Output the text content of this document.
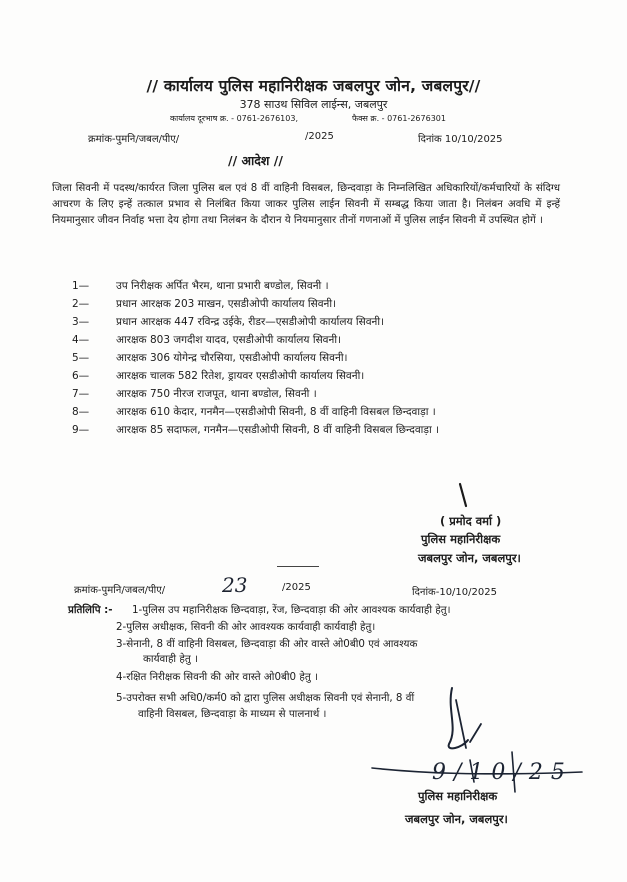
// कार्यालय पुलिस महानिरीक्षक जबलपुर जोन, जबलपुर//
378 साउथ सिविल लाईन्स, जबलपुर
कार्यालय दूरभाष क्र. - 0761-2676103,	फैक्स क्र. - 0761-2676301
क्रमांक-पुमनि/जबल/पीए/	/2025	दिनांक 10/10/2025
// आदेश //
जिला सिवनी में पदस्थ/कार्यरत जिला पुलिस बल एवं 8 वीं वाहिनी विसबल, छिन्दवाड़ा के निम्नलिखित अधिकारियों/कर्मचारियों के संदिग्ध आचरण के लिए इन्हें तत्काल प्रभाव से निलंबित किया जाकर पुलिस लाईन सिवनी में सम्बद्ध किया जाता है। निलंबन अवधि में इन्हें नियमानुसार जीवन निर्वाह भत्ता देय होगा तथा निलंबन के दौरान ये नियमानुसार तीनों गणनाओं में पुलिस लाईन सिवनी में उपस्थित होगें ।
1—	उप निरीक्षक अर्पित भैरम, थाना प्रभारी बण्डोल, सिवनी ।
2—	प्रधान आरक्षक 203 माखन, एसडीओपी कार्यालय सिवनी।
3—	प्रधान आरक्षक 447 रविन्द्र उईके, रीडर—एसडीओपी कार्यालय सिवनी।
4—	आरक्षक 803 जगदीश यादव, एसडीओपी कार्यालय सिवनी।
5—	आरक्षक 306 योगेन्द्र चौरसिया, एसडीओपी कार्यालय सिवनी।
6—	आरक्षक चालक 582 रितेश, ड्रायवर एसडीओपी कार्यालय सिवनी।
7—	आरक्षक 750 नीरज राजपूत, थाना बण्डोल, सिवनी ।
8—	आरक्षक 610 केदार, गनमैन—एसडीओपी सिवनी, 8 वीं वाहिनी विसबल छिन्दवाड़ा ।
9—	आरक्षक 85 सदाफल, गनमैन—एसडीओपी सिवनी, 8 वीं वाहिनी विसबल छिन्दवाड़ा ।
( प्रमोद वर्मा )
पुलिस महानिरीक्षक
जबलपुर जोन, जबलपुर।
क्रमांक-पुमनि/जबल/पीए/	23	/2025	दिनांक-10/10/2025
प्रतिलिपि :- 1-पुलिस उप महानिरीक्षक छिन्दवाड़ा, रेंज, छिन्दवाड़ा की ओर आवश्यक कार्यवाही हेतु।
2-पुलिस अधीक्षक, सिवनी की ओर आवश्यक कार्यवाही कार्यवाही हेतु।
3-सेनानी, 8 वीं वाहिनी विसबल, छिन्दवाड़ा की ओर वास्ते ओ0बी0 एवं आवश्यक
कार्यवाही हेतु ।
4-रक्षित निरीक्षक सिवनी की ओर वास्ते ओ0बी0 हेतु ।
5-उपरोक्त सभी अधि0/कर्म0 को द्वारा पुलिस अधीक्षक सिवनी एवं सेनानी, 8 वीं
वाहिनी विसबल, छिन्दवाड़ा के माध्यम से पालनार्थ ।
9/10/25
पुलिस महानिरीक्षक
जबलपुर जोन, जबलपुर।
